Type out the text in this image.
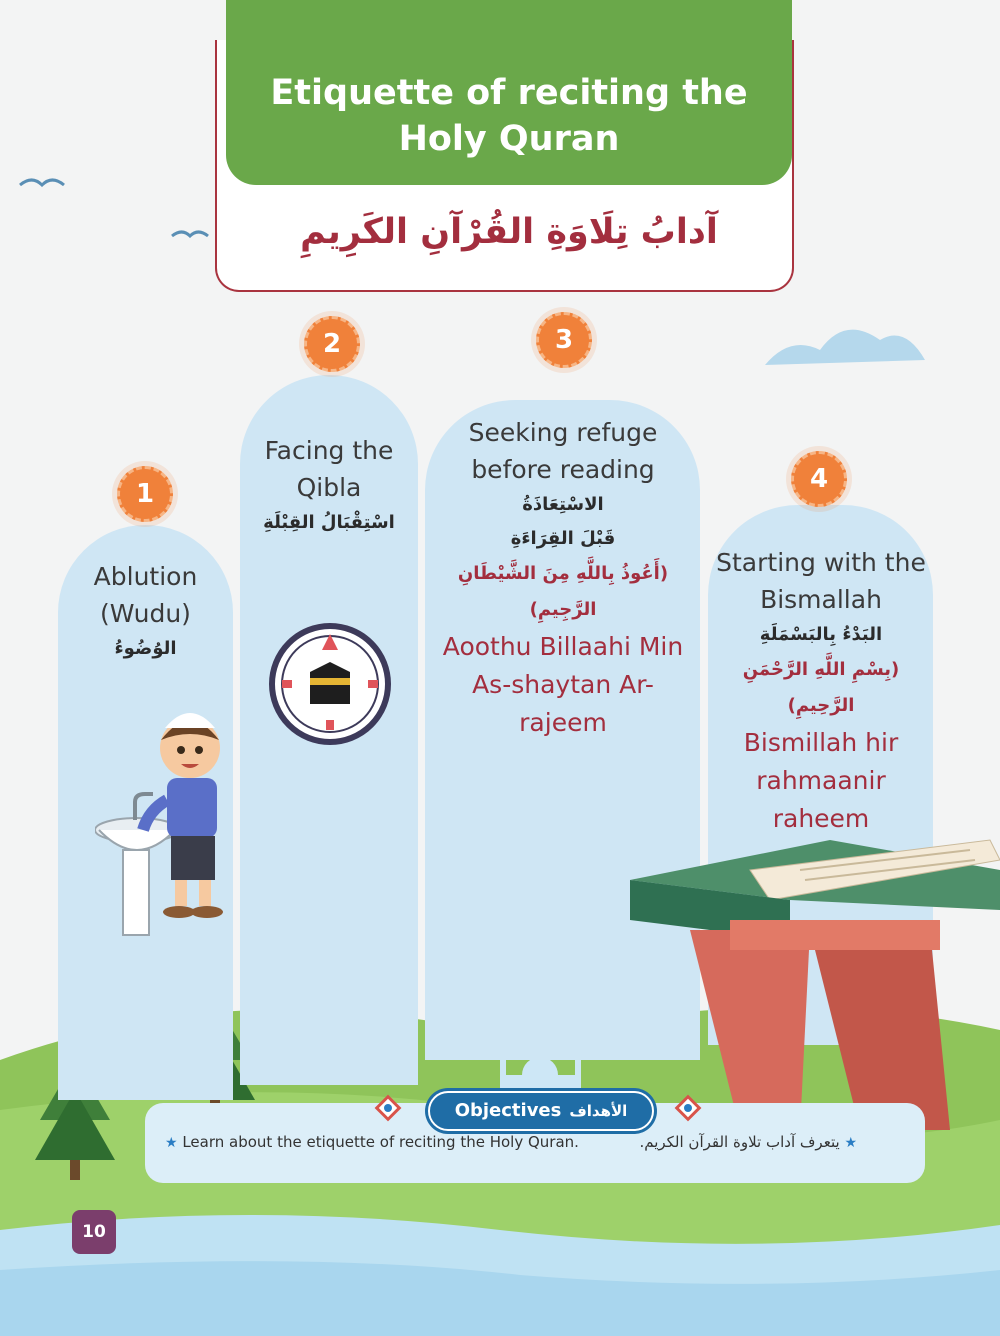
Etiquette of reciting the Holy Quran
آدابُ تِلَاوَةِ القُرْآنِ الكَرِيمِ
1
2	3
4
Ablution (Wudu)
الوُضُوءُ
Facing the Qibla
اسْتِقْبَالُ القِبْلَةِ
Seeking refuge before reading
الاسْتِعَاذَةُ
قَبْلَ القِرَاءَةِ
(أَعُوذُ بِاللَّهِ مِنَ الشَّيْطَانِ الرَّجِيمِ)
Aoothu Billaahi Min As-shaytan Ar-rajeem
Starting with the Bismallah
البَدْءُ بِالبَسْمَلَةِ
(بِسْمِ اللَّهِ الرَّحْمَنِ الرَّحِيمِ)
Bismillah hir rahmaanir raheem
Objectives الأهداف
★ Learn about the etiquette of reciting the Holy Quran.	★ يتعرف آداب تلاوة القرآن الكريم.
10
